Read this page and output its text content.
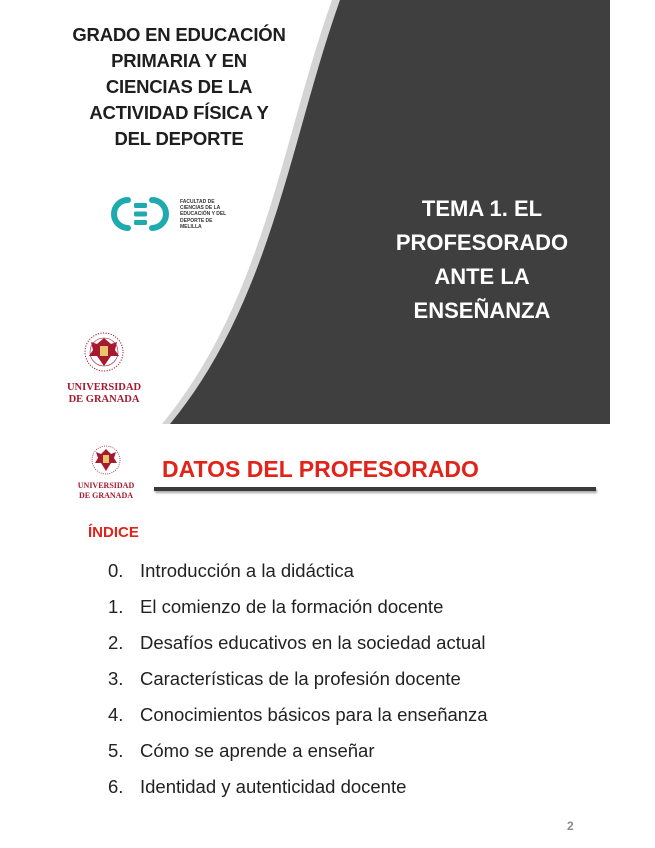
GRADO EN EDUCACIÓN
PRIMARIA Y EN
CIENCIAS DE LA
ACTIVIDAD FÍSICA Y
DEL DEPORTE
FACULTAD DE
CIENCIAS DE LA
EDUCACIÓN Y DEL
DEPORTE DE
MELILLA
UNIVERSIDAD
DE GRANADA
TEMA 1. EL
PROFESORADO
ANTE LA
ENSEÑANZA
UNIVERSIDAD
DE GRANADA
DATOS DEL PROFESORADO
ÍNDICE
0. Introducción a la didáctica
1. El comienzo de la formación docente
2. Desafíos educativos en la sociedad actual
3. Características de la profesión docente
4. Conocimientos básicos para la enseñanza
5. Cómo se aprende a enseñar
6. Identidad y autenticidad docente
2
